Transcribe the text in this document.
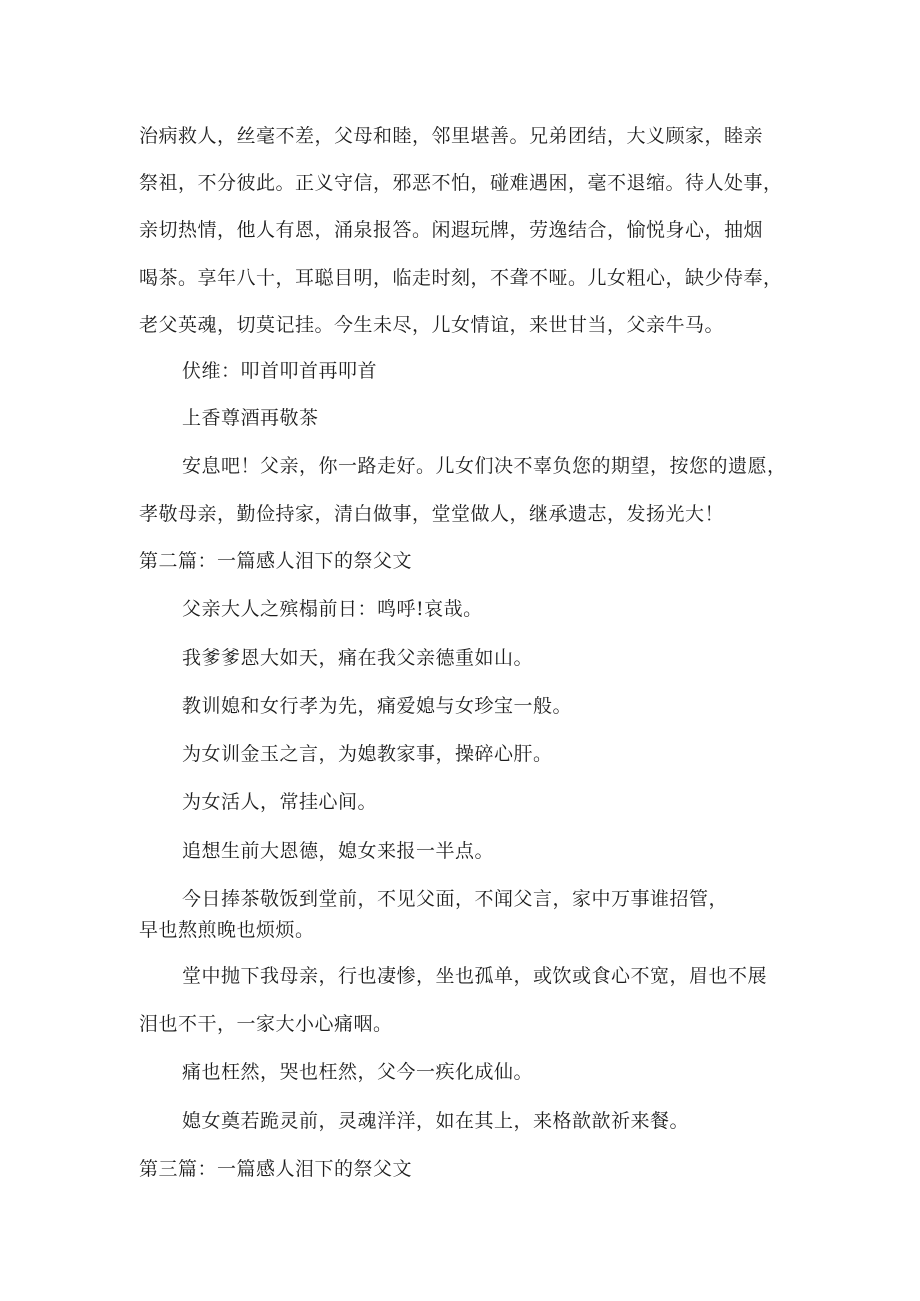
治病救人，丝毫不差，父母和睦，邻里堪善。兄弟团结，大义顾家，睦亲
祭祖，不分彼此。正义守信，邪恶不怕，碰难遇困，毫不退缩。待人处事，
亲切热情，他人有恩，涌泉报答。闲遐玩牌，劳逸结合，愉悦身心，抽烟
喝茶。享年八十，耳聪目明，临走时刻，不聋不哑。儿女粗心，缺少侍奉，
老父英魂，切莫记挂。今生未尽，儿女情谊，来世甘当，父亲牛马。
伏维：叩首叩首再叩首
上香尊酒再敬茶
安息吧！父亲，你一路走好。儿女们决不辜负您的期望，按您的遗愿，
孝敬母亲，勤俭持家，清白做事，堂堂做人，继承遗志，发扬光大！
第二篇：一篇感人泪下的祭父文
父亲大人之殡榻前日：鸣呼!哀哉。
我爹爹恩大如天，痛在我父亲德重如山。
教训媳和女行孝为先，痛爱媳与女珍宝一般。
为女训金玉之言，为媳教家事，操碎心肝。
为女活人，常挂心间。
追想生前大恩德，媳女来报一半点。
今日捧茶敬饭到堂前，不见父面，不闻父言，家中万事谁招管，
早也熬煎晚也烦烦。
堂中抛下我母亲，行也凄惨，坐也孤单，或饮或食心不宽，眉也不展
泪也不干，一家大小心痛咽。
痛也枉然，哭也枉然，父今一疾化成仙。
媳女奠若跪灵前，灵魂洋洋，如在其上，来格歆歆祈来餐。
第三篇：一篇感人泪下的祭父文
